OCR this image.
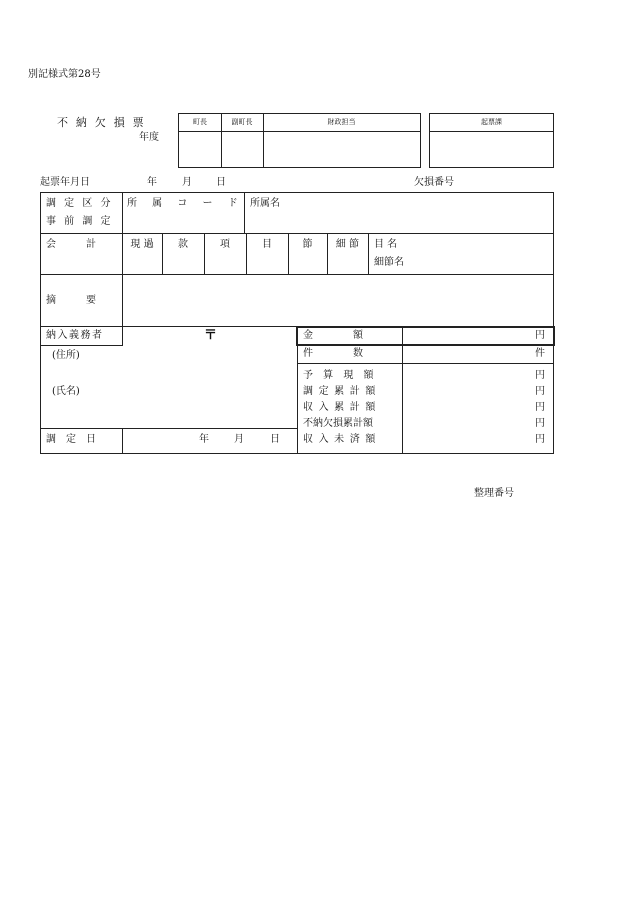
別記様式第28号
不 納 欠 損 票
年度
町長	副町長	財政担当	起票課
起票年月日	年	月 日	欠損番号
調 定 区 分
事 前 調 定
所 属 コ ー ド 所属名
会　　　計	現 過	款	項	目	節	細 節	目 名
細節名
摘　　　要
納入義務者	〒
(住所)
(氏名)
調　定　日	年	月	日
金　　　　額	円
件　　　　数	件
予 算 現 額	円
調 定 累 計 額	円
収 入 累 計 額	円
不納欠損累計額	円
収 入 未 済 額	円
整理番号
